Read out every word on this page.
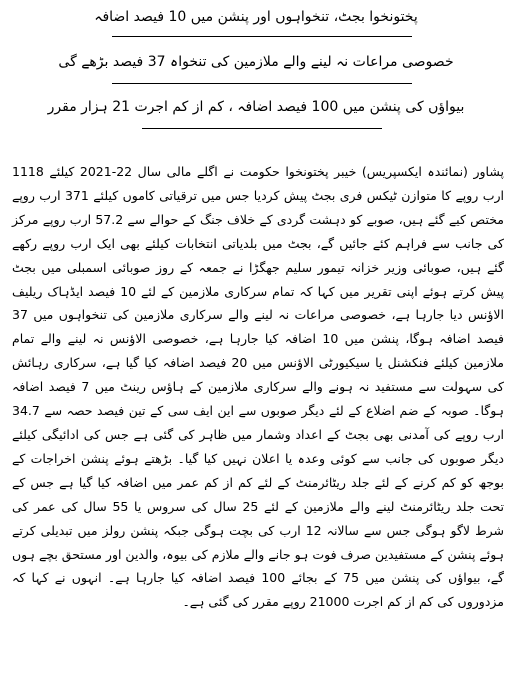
پختونخوا بجٹ، تنخواہوں اور پنشن میں 10 فیصد اضافہ
خصوصی مراعات نہ لینے والے ملازمین کی تنخواہ 37 فیصد بڑھے گی
بیواؤں کی پنشن میں 100 فیصد اضافہ ، کم از کم اجرت 21 ہزار مقرر

پشاور (نمائندہ ایکسپریس) خیبر پختونخوا حکومت نے اگلے مالی سال 22-2021 کیلئے 1118 ارب روپے کا متوازن ٹیکس فری بجٹ پیش کردیا جس میں ترقیاتی کاموں کیلئے 371 ارب روپے مختص کیے گئے ہیں، صوبے کو دہشت گردی کے خلاف جنگ کے حوالے سے 57.2 ارب روپے مرکز کی جانب سے فراہم کئے جائیں گے، بجٹ میں بلدیاتی انتخابات کیلئے بھی ایک ارب روپے رکھے گئے ہیں، صوبائی وزیر خزانہ تیمور سلیم جھگڑا نے جمعہ کے روز صوبائی اسمبلی میں بجٹ پیش کرتے ہوئے اپنی تقریر میں کہا کہ تمام سرکاری ملازمین کے لئے 10 فیصد ایڈہاک ریلیف الاؤنس دیا جارہا ہے، خصوصی مراعات نہ لینے والے سرکاری ملازمین کی تنخواہوں میں 37 فیصد اضافہ ہوگا، پنشن میں 10 اضافہ کیا جارہا ہے، خصوصی الاؤنس نہ لینے والے تمام ملازمین کیلئے فنکشنل یا سیکیورٹی الاؤنس میں 20 فیصد اضافہ کیا گیا ہے، سرکاری رہائش کی سہولت سے مستفید نہ ہونے والے سرکاری ملازمین کے ہاؤس رینٹ میں 7 فیصد اضافہ ہوگا۔ صوبہ کے ضم اضلاع کے لئے دیگر صوبوں سے این ایف سی کے تین فیصد حصہ سے 34.7 ارب روپے کی آمدنی بھی بجٹ کے اعداد وشمار میں ظاہر کی گئی ہے جس کی ادائیگی کیلئے دیگر صوبوں کی جانب سے کوئی وعدہ یا اعلان نہیں کیا گیا۔ بڑھتے ہوئے پنشن اخراجات کے بوجھ کو کم کرنے کے لئے جلد ریٹائرمنٹ کے لئے کم از کم عمر میں اضافہ کیا گیا ہے جس کے تحت جلد ریٹائرمنٹ لینے والے ملازمین کے لئے 25 سال کی سروس یا 55 سال کی عمر کی شرط لاگو ہوگی جس سے سالانہ 12 ارب کی بچت ہوگی جبکہ پنشن رولز میں تبدیلی کرتے ہوئے پنشن کے مستفیدین صرف فوت ہو جانے والے ملازم کی بیوہ، والدین اور مستحق بچے ہوں گے، بیواؤں کی پنشن میں 75 کے بجائے 100 فیصد اضافہ کیا جارہا ہے۔ انہوں نے کہا کہ مزدوروں کی کم از کم اجرت 21000 روپے مقرر کی گئی ہے۔
